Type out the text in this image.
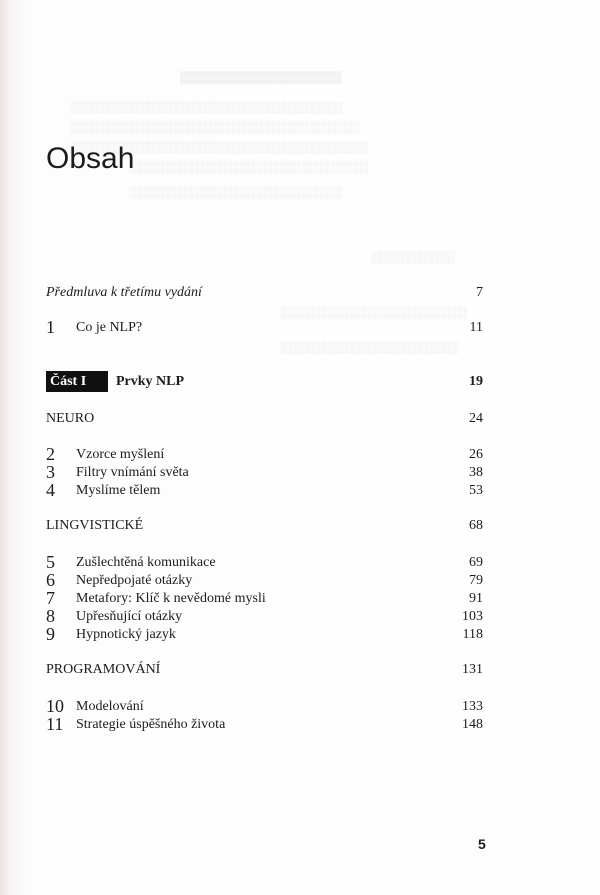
▒▒▒▒▒▒▒▒▒▒▒▒▒▒▒▒▒▒▒
░░░░░░░░░░░░░░░░░░░░░░░░░░░░░░░░
░░░░░░░░░░░░░░░░░░░░░░░░░░░░░░░░░░
░░░░░░░░░░░░░░░░░░░░░░░░░░░░░░░░░░░
░░░░░░░░░░░░░░░░░░░░░░░░░░░░
░░░░░░░░░░░░░░░░░░░░░░░░░
░░░░░░░░░░
░░░░░░░░░░░░░░░░░░░░░░
░░░░░░░░░░░░░░░░░░░░░
Obsah
Předmluva k třetímu vydání	7
1	Co je NLP?	11
Část I	Prvky NLP	19
NEURO	24
2	Vzorce myšlení	26
3	Filtry vnímání světa	38
4	Myslíme tělem	53
LINGVISTICKÉ	68
5	Zušlechtěná komunikace	69
6	Nepředpojaté otázky	79
7	Metafory: Klíč k nevědomé mysli	91
8	Upřesňující otázky	103
9	Hypnotický jazyk	118
PROGRAMOVÁNÍ	131
10 Modelování	133
11 Strategie úspěšného života	148
5
